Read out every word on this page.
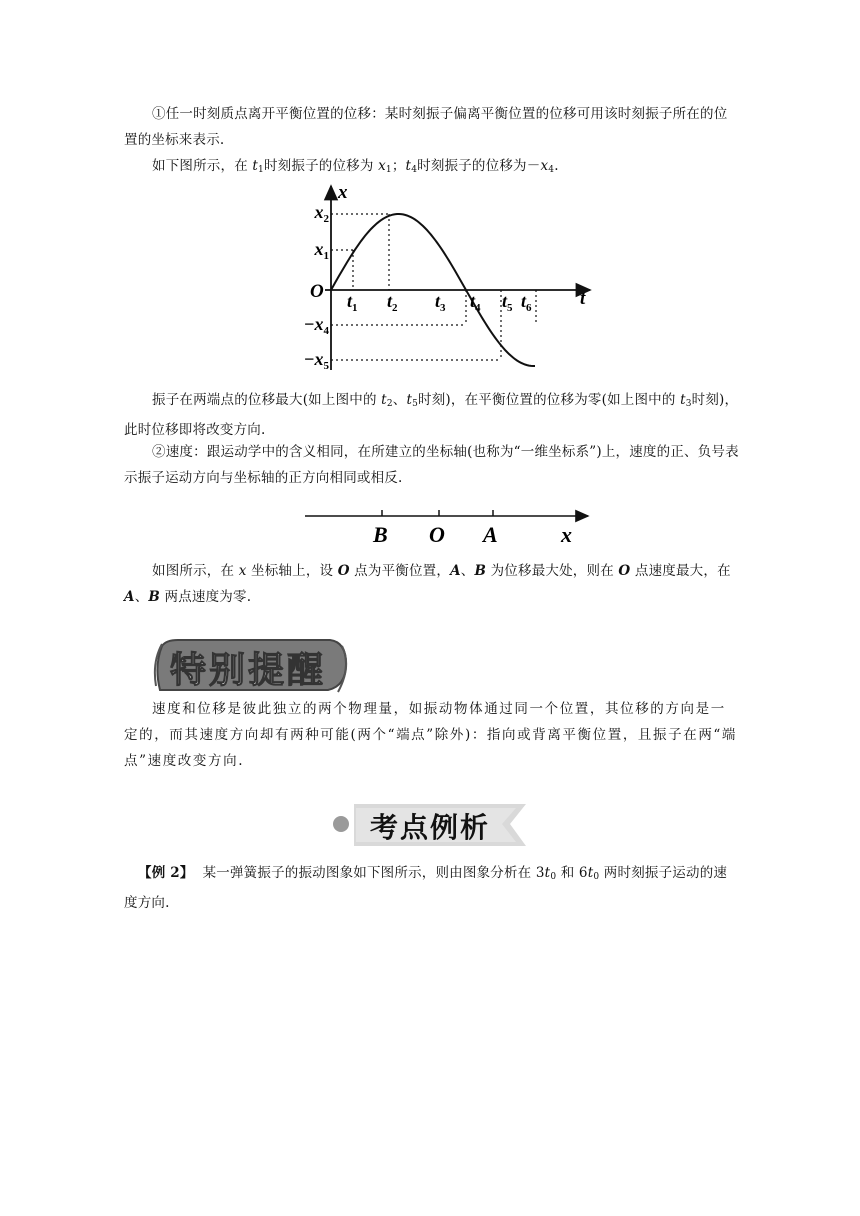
①任一时刻质点离开平衡位置的位移：某时刻振子偏离平衡位置的位移可用该时刻振子所在的位置的坐标来表示.

如下图所示，在 $t_1$时刻振子的位移为 $x_1$；$t_4$时刻振子的位移为$-x_4$.

x
t
O
$x_2$
$x_1$
$-x_4$
$-x_5$
$t_1$ $t_2$ $t_3$ $t_4$ $t_5$ $t_6$

振子在两端点的位移最大(如上图中的 $t_2$、$t_5$时刻)，在平衡位置的位移为零(如上图中的 $t_3$时刻)，此时位移即将改变方向.

②速度：跟运动学中的含义相同，在所建立的坐标轴(也称为“一维坐标系”)上，速度的正、负号表示振子运动方向与坐标轴的正方向相同或相反.

B O A	x

如图所示，在 x 坐标轴上，设 O 点为平衡位置，A、B 为位移最大处，则在 O 点速度最大，在 A、B 两点速度为零.

特别提醒

速度和位移是彼此独立的两个物理量，如振动物体通过同一个位置，其位移的方向是一定的，而其速度方向却有两种可能(两个“端点”除外)：指向或背离平衡位置，且振子在两“端点”速度改变方向.

考点例析

【例 2】 某一弹簧振子的振动图象如下图所示，则由图象分析在 $3t_0$ 和 $6t_0$ 两时刻振子运动的速度方向.
